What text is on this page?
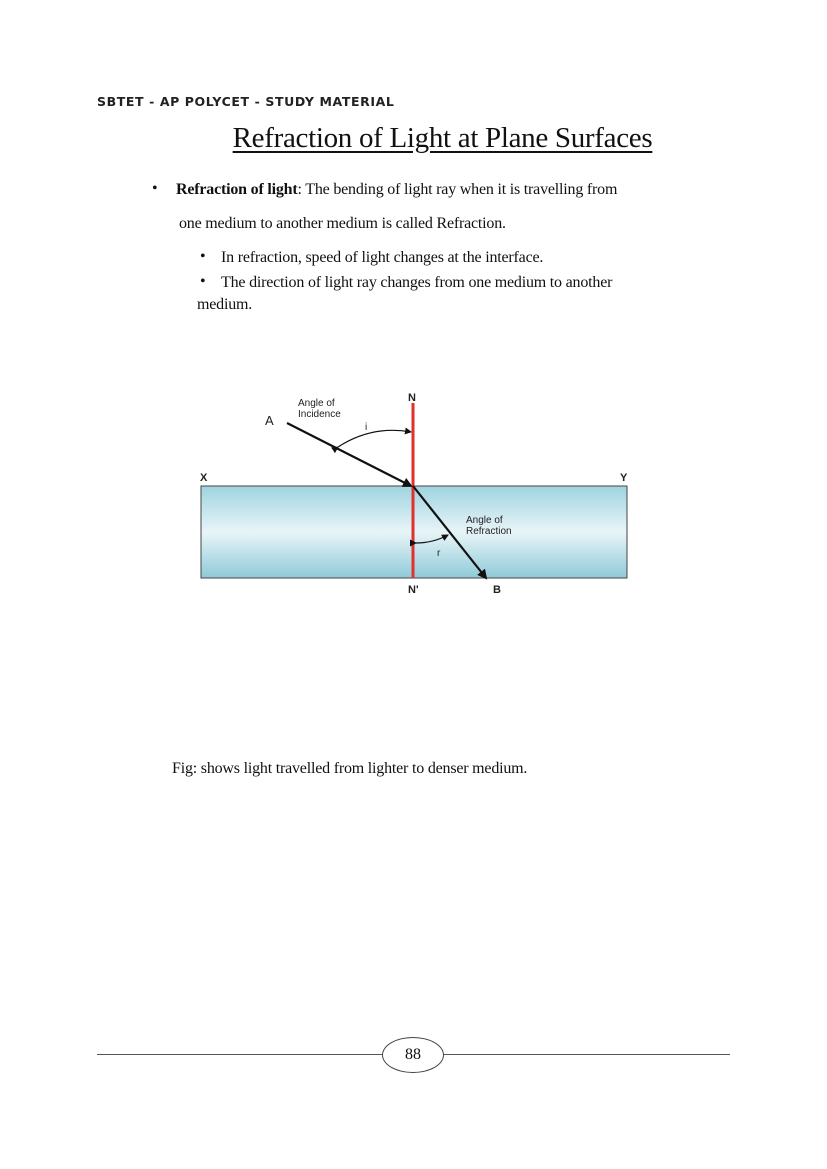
SBTET - AP POLYCET - STUDY MATERIAL
Refraction of Light at Plane Surfaces
• Refraction of light: The bending of light ray when it is travelling from
one medium to another medium is called Refraction.
• In refraction, speed of light changes at the interface.
• The direction of light ray changes from one medium to another
medium.
A
N
X	Y
N'	B
i
r
Angle of
Incidence
Angle of
Refraction
Fig: shows light travelled from lighter to denser medium.
88
